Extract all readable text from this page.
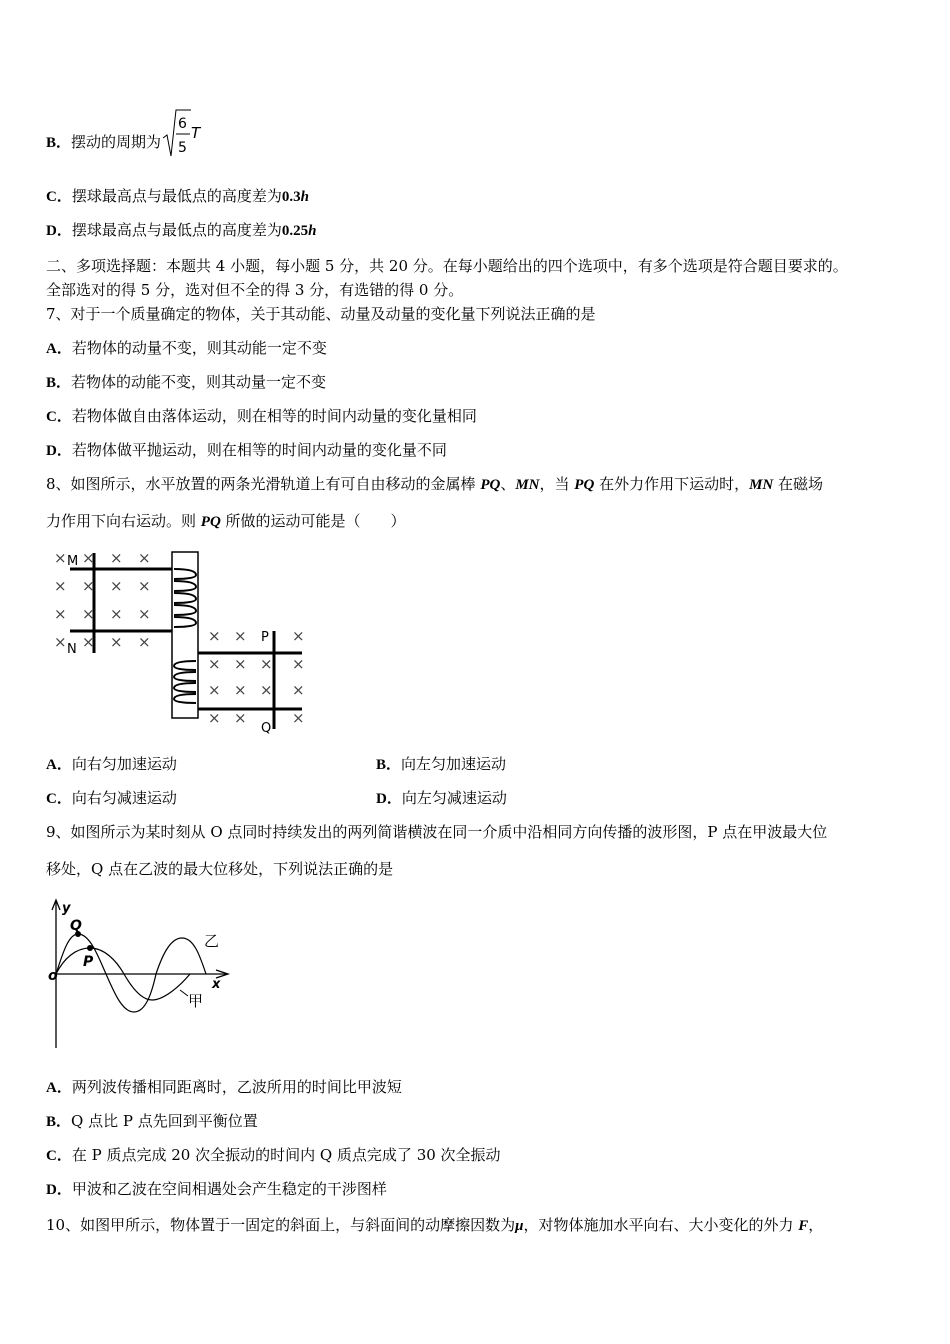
B．摆动的周期为
6
5
T
C．摆球最高点与最低点的高度差为0.3h
D．摆球最高点与最低点的高度差为0.25h
二、多项选择题：本题共 4 小题，每小题 5 分，共 20 分。在每小题给出的四个选项中，有多个选项是符合题目要求的。
全部选对的得 5 分，选对但不全的得 3 分，有选错的得 0 分。
7、对于一个质量确定的物体，关于其动能、动量及动量的变化量下列说法正确的是
A．若物体的动量不变，则其动能一定不变
B．若物体的动能不变，则其动量一定不变
C．若物体做自由落体运动，则在相等的时间内动量的变化量相同
D．若物体做平抛运动，则在相等的时间内动量的变化量不同
8、如图所示，水平放置的两条光滑轨道上有可自由移动的金属棒 PQ、MN，当 PQ 在外力作用下运动时，MN 在磁场
力作用下向右运动。则 PQ 所做的运动可能是（　　）
× × × ×
× × × ×
× × × ×
× × × ×	× ×	×
× × × ×
× × × ×
× ×	×
M
N
P
Q
A．向右匀加速运动	B．向左匀加速运动
C．向右匀减速运动	D．向左匀减速运动
9、如图所示为某时刻从 O 点同时持续发出的两列简谐横波在同一介质中沿相同方向传播的波形图，P 点在甲波最大位
移处，Q 点在乙波的最大位移处，下列说法正确的是
o
y
x
Q
P
乙
甲
A．两列波传播相同距离时，乙波所用的时间比甲波短
B．Q 点比 P 点先回到平衡位置
C．在 P 质点完成 20 次全振动的时间内 Q 质点完成了 30 次全振动
D．甲波和乙波在空间相遇处会产生稳定的干涉图样
10、如图甲所示，物体置于一固定的斜面上，与斜面间的动摩擦因数为μ，对物体施加水平向右、大小变化的外力 F，
